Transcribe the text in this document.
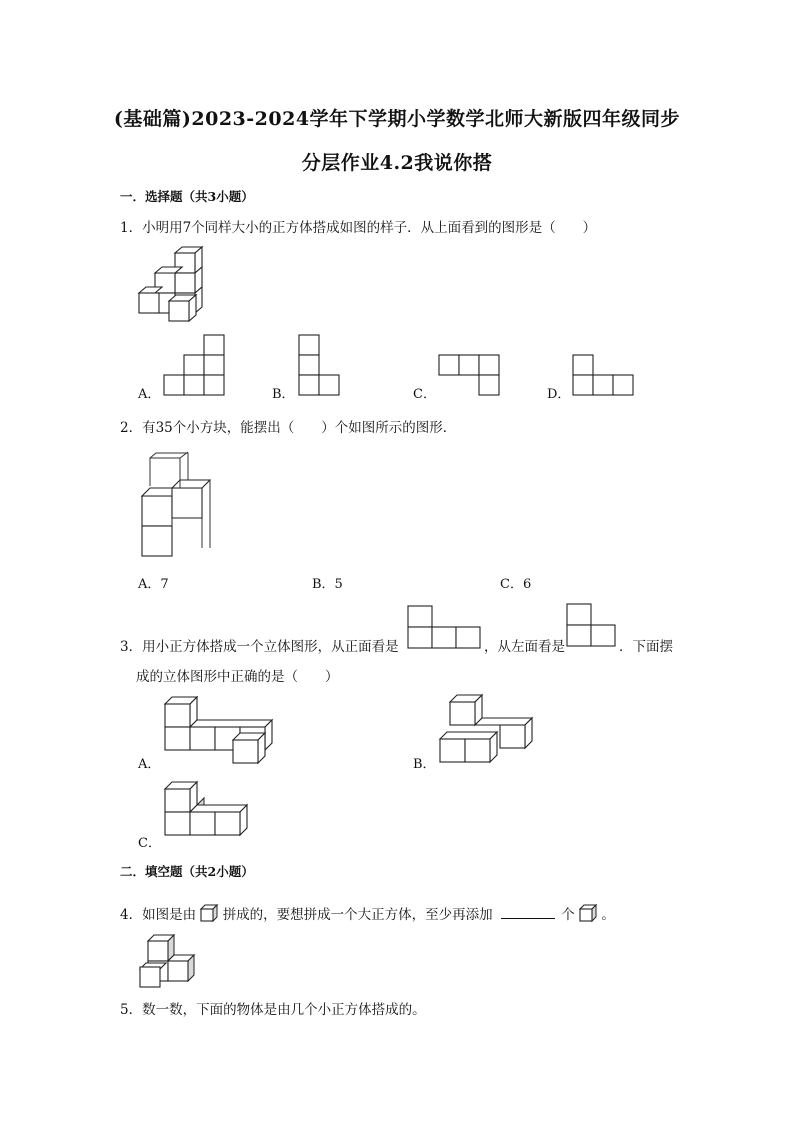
(基础篇)2023-2024学年下学期小学数学北师大新版四年级同步
分层作业4.2我说你搭
一．选择题（共3小题）
1．小明用7个同样大小的正方体搭成如图的样子．从上面看到的图形是（　　）
A．	B．	C．	D．
2．有35个小方块，能摆出（　　）个如图所示的图形．
A．7	B．5	C．6
3．用小正方体搭成一个立体图形，从正面看是	，从左面看是	．下面摆
成的立体图形中正确的是（　　）
A．	B．
C．
二．填空题（共2小题）
4．如图是由 拼成的，要想拼成一个大正方体，至少再添加	个 。
5．数一数，下面的物体是由几个小正方体搭成的。
